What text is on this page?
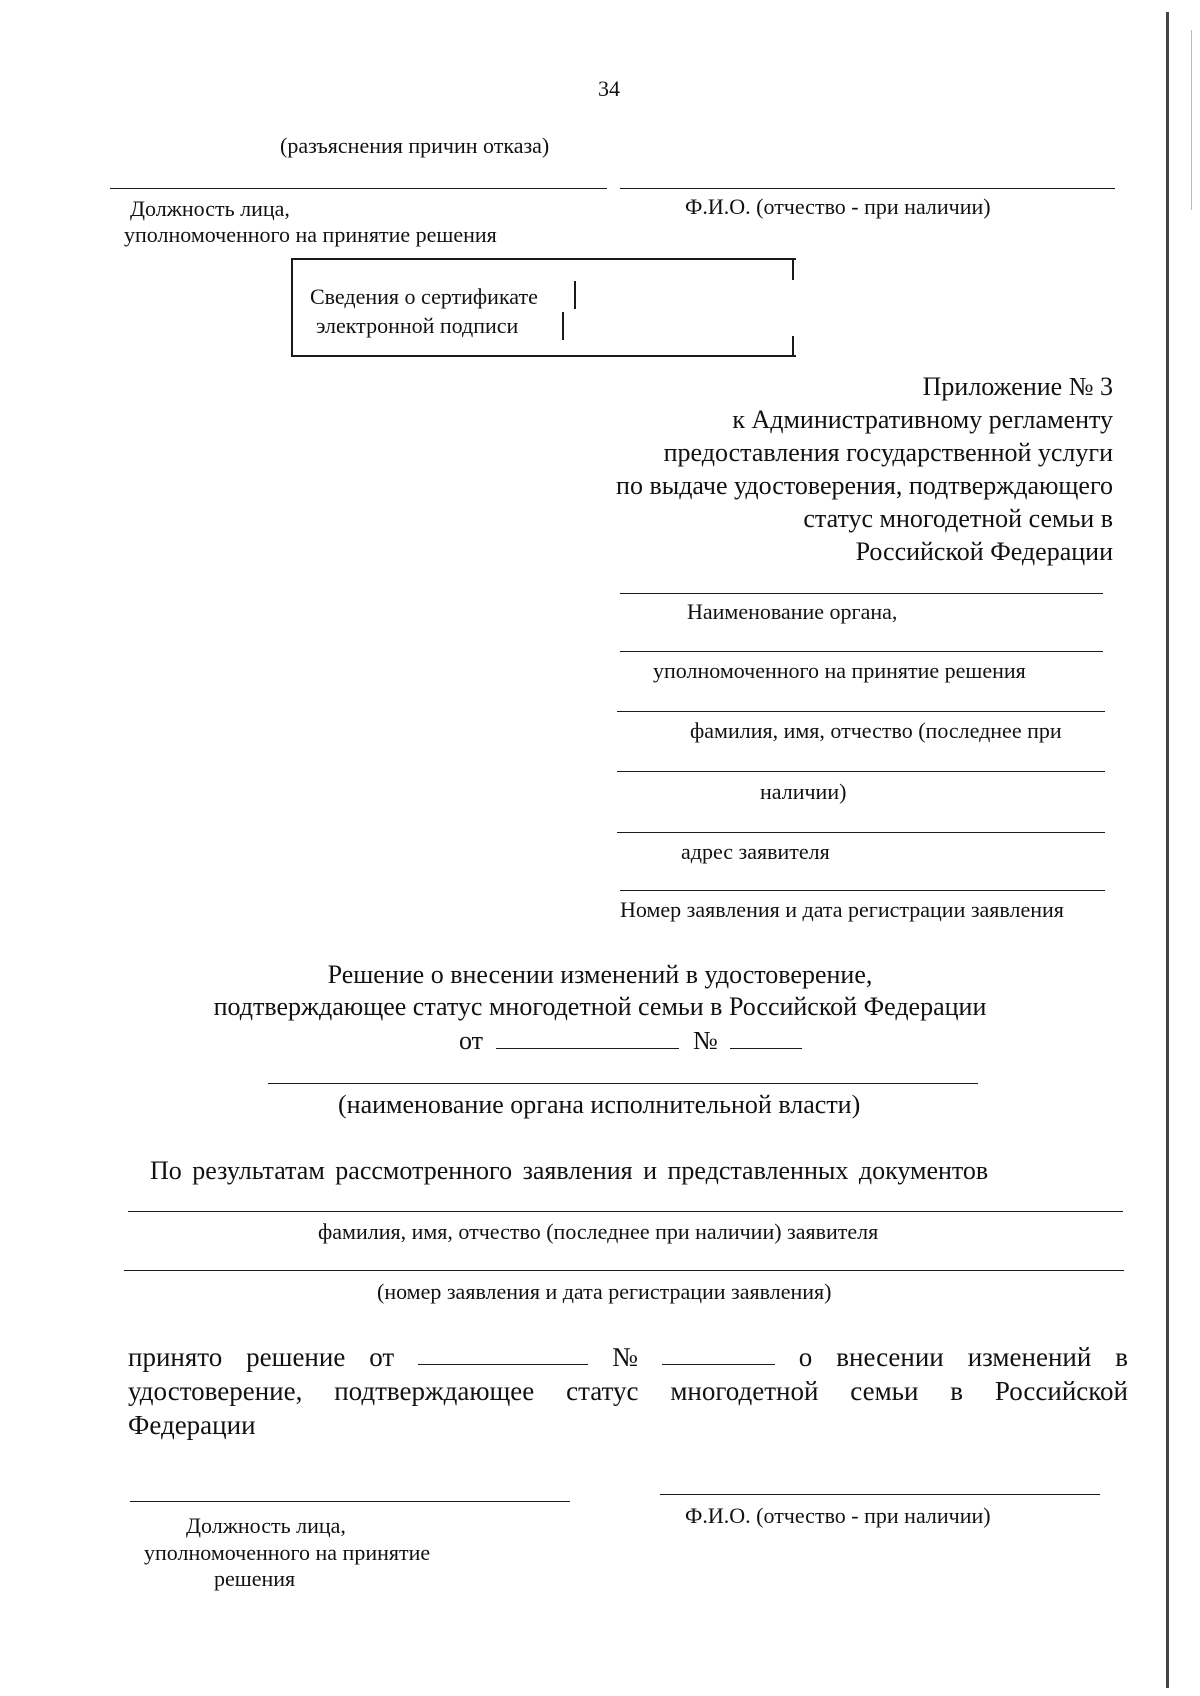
34
(разъяснения причин отказа)
Должность лица,
уполномоченного на принятие решения
Ф.И.О. (отчество - при наличии)
Сведения о сертификате
электронной подписи
Приложение № 3
к Административному регламенту
предоставления государственной услуги
по выдаче удостоверения, подтверждающего
статус многодетной семьи в
Российской Федерации
Наименование органа,
уполномоченного на принятие решения
фамилия, имя, отчество (последнее при
наличии)
адрес заявителя
Номер заявления и дата регистрации заявления
Решение о внесении изменений в удостоверение,
подтверждающее статус многодетной семьи в Российской Федерации
от	№
(наименование органа исполнительной власти)
По результатам рассмотренного заявления и представленных документов
фамилия, имя, отчество (последнее при наличии) заявителя
(номер заявления и дата регистрации заявления)
принято решение от	№	о внесении изменений в
удостоверение, подтверждающее статус многодетной семьи в Российской
Федерации
Должность лица,
уполномоченного на принятие
решения
Ф.И.О. (отчество - при наличии)
